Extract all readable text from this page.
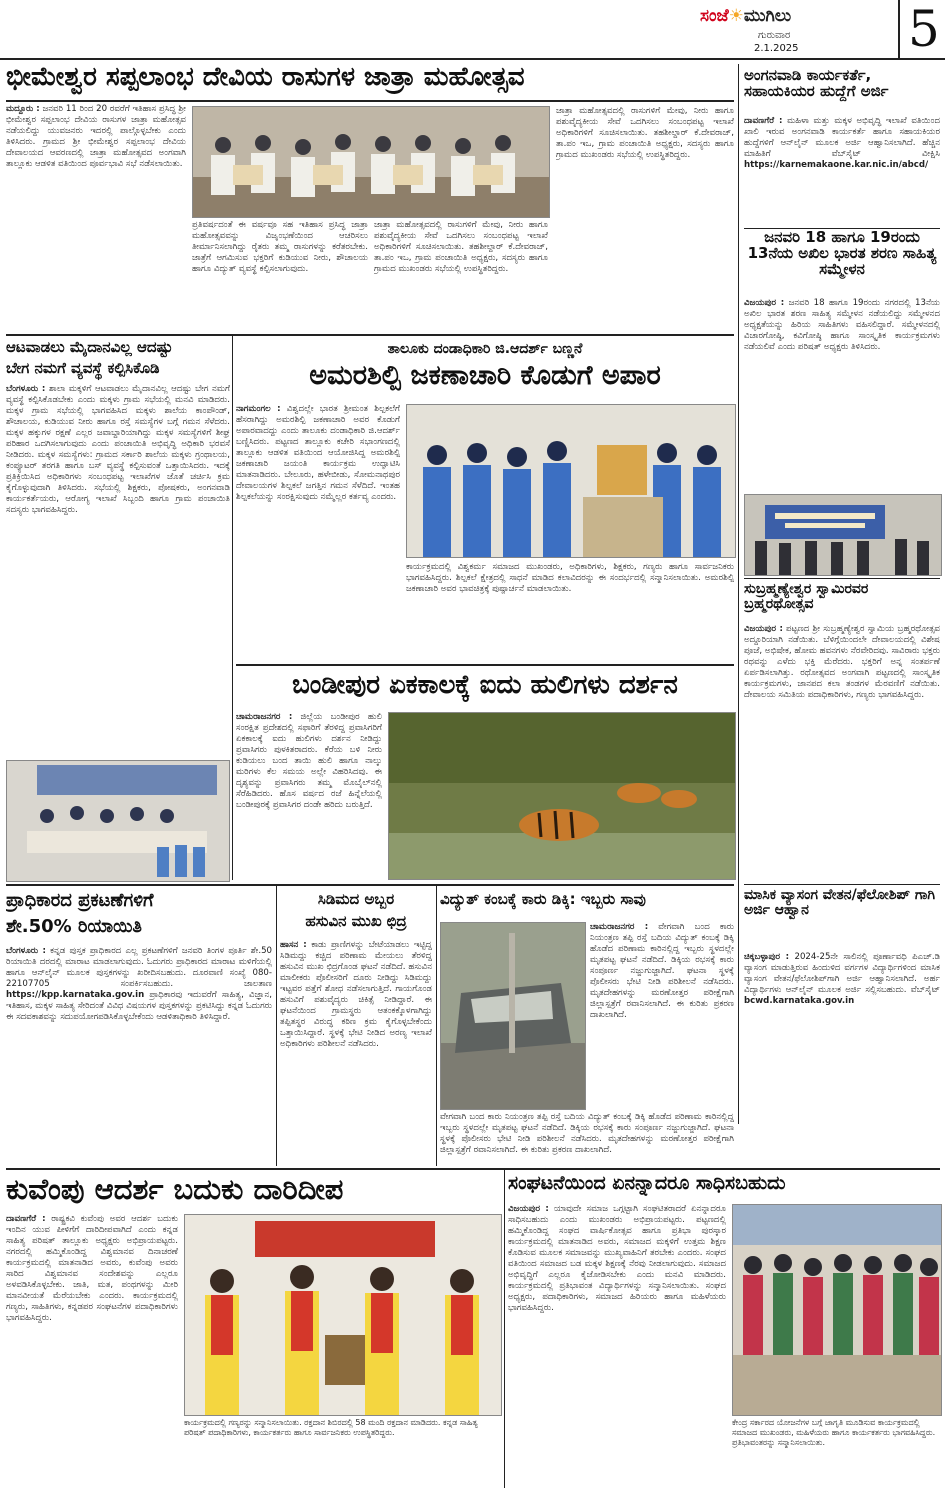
ಸಂಜೆ☀ಮುಗಿಲು
ಗುರುವಾರ
2.1.2025 5
ಭೀಮೇಶ್ವರ ಸಪ್ಪಲಾಂಭ ದೇವಿಯ ರಾಸುಗಳ ಜಾತ್ರಾ ಮಹೋತ್ಸವ
ಮದ್ದೂರು : ಜನವರಿ 11 ರಿಂದ 20 ರವರೆಗೆ ಇತಿಹಾಸ ಪ್ರಸಿದ್ಧ ಶ್ರೀ ಭೀಮೇಶ್ವರ ಸಪ್ಪಲಾಂಭ ದೇವಿಯ ರಾಸುಗಳ ಜಾತ್ರಾ ಮಹೋತ್ಸವ ನಡೆಯಲಿದ್ದು ಯುವಜನರು ಇದರಲ್ಲಿ ಪಾಲ್ಗೊಳ್ಳಬೇಕು ಎಂದು ತಿಳಿಸಿದರು. ಗ್ರಾಮದ ಶ್ರೀ ಭೀಮೇಶ್ವರ ಸಪ್ಪಲಾಂಭ ದೇವಿಯ ದೇವಾಲಯದ ಆವರಣದಲ್ಲಿ ಜಾತ್ರಾ ಮಹೋತ್ಸವದ ಅಂಗವಾಗಿ ತಾಲ್ಲೂಕು ಆಡಳಿತ ವತಿಯಿಂದ ಪೂರ್ವಭಾವಿ ಸಭೆ ನಡೆಸಲಾಯಿತು.
ಪ್ರತಿವರ್ಷದಂತೆ ಈ ವರ್ಷವೂ ಸಹ ಇತಿಹಾಸ ಪ್ರಸಿದ್ಧ ಜಾತ್ರಾ ಮಹೋತ್ಸವವನ್ನು ವಿಜೃಂಭಣೆಯಿಂದ ಆಚರಿಸಲು ತೀರ್ಮಾನಿಸಲಾಗಿದ್ದು ರೈತರು ತಮ್ಮ ರಾಸುಗಳನ್ನು ಕರೆತರಬೇಕು. ಜಾತ್ರೆಗೆ ಆಗಮಿಸುವ ಭಕ್ತರಿಗೆ ಕುಡಿಯುವ ನೀರು, ಶೌಚಾಲಯ ಹಾಗೂ ವಿದ್ಯುತ್ ವ್ಯವಸ್ಥೆ ಕಲ್ಪಿಸಲಾಗುವುದು.
ಜಾತ್ರಾ ಮಹೋತ್ಸವದಲ್ಲಿ ರಾಸುಗಳಿಗೆ ಮೇವು, ನೀರು ಹಾಗೂ ಪಶುವೈದ್ಯಕೀಯ ಸೇವೆ ಒದಗಿಸಲು ಸಂಬಂಧಪಟ್ಟ ಇಲಾಖೆ ಅಧಿಕಾರಿಗಳಿಗೆ ಸೂಚಿಸಲಾಯಿತು. ತಹಶೀಲ್ದಾರ್ ಕೆ.ದೇವರಾಜ್, ತಾ.ಪಂ ಇಒ, ಗ್ರಾಮ ಪಂಚಾಯಿತಿ ಅಧ್ಯಕ್ಷರು, ಸದಸ್ಯರು ಹಾಗೂ ಗ್ರಾಮದ ಮುಖಂಡರು ಸಭೆಯಲ್ಲಿ ಉಪಸ್ಥಿತರಿದ್ದರು.
ಜಾತ್ರಾ ಮಹೋತ್ಸವದಲ್ಲಿ ರಾಸುಗಳಿಗೆ ಮೇವು, ನೀರು ಹಾಗೂ ಪಶುವೈದ್ಯಕೀಯ ಸೇವೆ ಒದಗಿಸಲು ಸಂಬಂಧಪಟ್ಟ ಇಲಾಖೆ ಅಧಿಕಾರಿಗಳಿಗೆ ಸೂಚಿಸಲಾಯಿತು. ತಹಶೀಲ್ದಾರ್ ಕೆ.ದೇವರಾಜ್, ತಾ.ಪಂ ಇಒ, ಗ್ರಾಮ ಪಂಚಾಯಿತಿ ಅಧ್ಯಕ್ಷರು, ಸದಸ್ಯರು ಹಾಗೂ ಗ್ರಾಮದ ಮುಖಂಡರು ಸಭೆಯಲ್ಲಿ ಉಪಸ್ಥಿತರಿದ್ದರು.
ಅಂಗನವಾಡಿ ಕಾರ್ಯಕರ್ತೆ, ಸಹಾಯಕಿಯರ ಹುದ್ದೆಗೆ ಅರ್ಜಿ
ದಾವಣಗೆರೆ : ಮಹಿಳಾ ಮತ್ತು ಮಕ್ಕಳ ಅಭಿವೃದ್ಧಿ ಇಲಾಖೆ ವತಿಯಿಂದ ಖಾಲಿ ಇರುವ ಅಂಗನವಾಡಿ ಕಾರ್ಯಕರ್ತೆ ಹಾಗೂ ಸಹಾಯಕಿಯರ ಹುದ್ದೆಗಳಿಗೆ ಆನ್‌ಲೈನ್ ಮೂಲಕ ಅರ್ಜಿ ಆಹ್ವಾನಿಸಲಾಗಿದೆ. ಹೆಚ್ಚಿನ ಮಾಹಿತಿಗೆ ವೆಬ್‌ಸೈಟ್ ವೀಕ್ಷಿಸಿ https://karnemakaone.kar.nic.in/abcd/
ಜನವರಿ 18 ಹಾಗೂ 19ರಂದು 13ನೆಯ ಅಖಿಲ ಭಾರತ ಶರಣ ಸಾಹಿತ್ಯ ಸಮ್ಮೇಳನ
ವಿಜಯಪುರ : ಜನವರಿ 18 ಹಾಗೂ 19ರಂದು ನಗರದಲ್ಲಿ 13ನೆಯ ಅಖಿಲ ಭಾರತ ಶರಣ ಸಾಹಿತ್ಯ ಸಮ್ಮೇಳನ ನಡೆಯಲಿದ್ದು ಸಮ್ಮೇಳನದ ಅಧ್ಯಕ್ಷತೆಯನ್ನು ಹಿರಿಯ ಸಾಹಿತಿಗಳು ವಹಿಸಲಿದ್ದಾರೆ. ಸಮ್ಮೇಳನದಲ್ಲಿ ವಿಚಾರಗೋಷ್ಠಿ, ಕವಿಗೋಷ್ಠಿ ಹಾಗೂ ಸಾಂಸ್ಕೃತಿಕ ಕಾರ್ಯಕ್ರಮಗಳು ನಡೆಯಲಿವೆ ಎಂದು ಪರಿಷತ್ ಅಧ್ಯಕ್ಷರು ತಿಳಿಸಿದರು.
ಸುಬ್ರಹ್ಮಣ್ಯೇಶ್ವರ ಸ್ವಾಮಿರವರ ಬ್ರಹ್ಮರಥೋತ್ಸವ
ವಿಜಯಪುರ : ಪಟ್ಟಣದ ಶ್ರೀ ಸುಬ್ರಹ್ಮಣ್ಯೇಶ್ವರ ಸ್ವಾಮಿಯ ಬ್ರಹ್ಮರಥೋತ್ಸವ ಅದ್ದೂರಿಯಾಗಿ ನಡೆಯಿತು. ಬೆಳಿಗ್ಗೆಯಿಂದಲೇ ದೇವಾಲಯದಲ್ಲಿ ವಿಶೇಷ ಪೂಜೆ, ಅಭಿಷೇಕ, ಹೋಮ ಹವನಗಳು ನೆರವೇರಿದವು. ಸಾವಿರಾರು ಭಕ್ತರು ರಥವನ್ನು ಎಳೆದು ಭಕ್ತಿ ಮೆರೆದರು. ಭಕ್ತರಿಗೆ ಅನ್ನ ಸಂತರ್ಪಣೆ ಏರ್ಪಡಿಸಲಾಗಿತ್ತು. ರಥೋತ್ಸವದ ಅಂಗವಾಗಿ ಪಟ್ಟಣದಲ್ಲಿ ಸಾಂಸ್ಕೃತಿಕ ಕಾರ್ಯಕ್ರಮಗಳು, ಜಾನಪದ ಕಲಾ ತಂಡಗಳ ಮೆರವಣಿಗೆ ನಡೆಯಿತು. ದೇವಾಲಯ ಸಮಿತಿಯ ಪದಾಧಿಕಾರಿಗಳು, ಗಣ್ಯರು ಭಾಗವಹಿಸಿದ್ದರು.
ಮಾಸಿಕ ವ್ಯಾಸಂಗ ವೇತನ/ಫೆಲೋಶಿಪ್ ಗಾಗಿ ಅರ್ಜಿ ಆಹ್ವಾನ
ಚಿಕ್ಕಬಳ್ಳಾಪುರ : 2024-25ನೇ ಸಾಲಿನಲ್ಲಿ ಪೂರ್ಣಾವಧಿ ಪಿಎಚ್.ಡಿ ವ್ಯಾಸಂಗ ಮಾಡುತ್ತಿರುವ ಹಿಂದುಳಿದ ವರ್ಗಗಳ ವಿದ್ಯಾರ್ಥಿಗಳಿಂದ ಮಾಸಿಕ ವ್ಯಾಸಂಗ ವೇತನ/ಫೆಲೋಶಿಪ್‌ಗಾಗಿ ಅರ್ಜಿ ಆಹ್ವಾನಿಸಲಾಗಿದೆ. ಅರ್ಹ ವಿದ್ಯಾರ್ಥಿಗಳು ಆನ್‌ಲೈನ್ ಮೂಲಕ ಅರ್ಜಿ ಸಲ್ಲಿಸಬಹುದು. ವೆಬ್‌ಸೈಟ್ bcwd.karnataka.gov.in
ಆಟವಾಡಲು ಮೈದಾನವಿಲ್ಲ ಆದಷ್ಟು
ಬೇಗ ನಮಗೆ ವ್ಯವಸ್ಥೆ ಕಲ್ಪಿಸಿಕೊಡಿ
ಬೆಂಗಳೂರು : ಶಾಲಾ ಮಕ್ಕಳಿಗೆ ಆಟವಾಡಲು ಮೈದಾನವಿಲ್ಲ ಆದಷ್ಟು ಬೇಗ ನಮಗೆ ವ್ಯವಸ್ಥೆ ಕಲ್ಪಿಸಿಕೊಡಬೇಕು ಎಂದು ಮಕ್ಕಳು ಗ್ರಾಮ ಸಭೆಯಲ್ಲಿ ಮನವಿ ಮಾಡಿದರು. ಮಕ್ಕಳ ಗ್ರಾಮ ಸಭೆಯಲ್ಲಿ ಭಾಗವಹಿಸಿದ ಮಕ್ಕಳು ಶಾಲೆಯ ಕಾಂಪೌಂಡ್, ಶೌಚಾಲಯ, ಕುಡಿಯುವ ನೀರು ಹಾಗೂ ರಸ್ತೆ ಸಮಸ್ಯೆಗಳ ಬಗ್ಗೆ ಗಮನ ಸೆಳೆದರು. ಮಕ್ಕಳ ಹಕ್ಕುಗಳ ರಕ್ಷಣೆ ಎಲ್ಲರ ಜವಾಬ್ದಾರಿಯಾಗಿದ್ದು ಮಕ್ಕಳ ಸಮಸ್ಯೆಗಳಿಗೆ ಶೀಘ್ರ ಪರಿಹಾರ ಒದಗಿಸಲಾಗುವುದು ಎಂದು ಪಂಚಾಯಿತಿ ಅಭಿವೃದ್ಧಿ ಅಧಿಕಾರಿ ಭರವಸೆ ನೀಡಿದರು. ಮಕ್ಕಳ ಸಮಸ್ಯೆಗಳು: ಗ್ರಾಮದ ಸರ್ಕಾರಿ ಶಾಲೆಯ ಮಕ್ಕಳು ಗ್ರಂಥಾಲಯ, ಕಂಪ್ಯೂಟರ್ ತರಗತಿ ಹಾಗೂ ಬಸ್ ವ್ಯವಸ್ಥೆ ಕಲ್ಪಿಸುವಂತೆ ಒತ್ತಾಯಿಸಿದರು. ಇದಕ್ಕೆ ಪ್ರತಿಕ್ರಿಯಿಸಿದ ಅಧಿಕಾರಿಗಳು ಸಂಬಂಧಪಟ್ಟ ಇಲಾಖೆಗಳ ಜೊತೆ ಚರ್ಚಿಸಿ ಕ್ರಮ ಕೈಗೊಳ್ಳುವುದಾಗಿ ತಿಳಿಸಿದರು. ಸಭೆಯಲ್ಲಿ ಶಿಕ್ಷಕರು, ಪೋಷಕರು, ಅಂಗನವಾಡಿ ಕಾರ್ಯಕರ್ತೆಯರು, ಆರೋಗ್ಯ ಇಲಾಖೆ ಸಿಬ್ಬಂದಿ ಹಾಗೂ ಗ್ರಾಮ ಪಂಚಾಯಿತಿ ಸದಸ್ಯರು ಭಾಗವಹಿಸಿದ್ದರು.
ತಾಲೂಕು ದಂಡಾಧಿಕಾರಿ ಜಿ.ಆದರ್ಶ್ ಬಣ್ಣನೆ
ಅಮರಶಿಲ್ಪಿ ಜಕಣಾಚಾರಿ ಕೊಡುಗೆ ಅಪಾರ
ನಾಗಮಂಗಲ : ವಿಶ್ವದಲ್ಲೇ ಭಾರತ ಶ್ರೀಮಂತ ಶಿಲ್ಪಕಲೆಗೆ ಹೆಸರಾಗಿದ್ದು ಅಮರಶಿಲ್ಪಿ ಜಕಣಾಚಾರಿ ಅವರ ಕೊಡುಗೆ ಅಪಾರವಾದದ್ದು ಎಂದು ತಾಲೂಕು ದಂಡಾಧಿಕಾರಿ ಜಿ.ಆದರ್ಶ್ ಬಣ್ಣಿಸಿದರು. ಪಟ್ಟಣದ ತಾಲ್ಲೂಕು ಕಚೇರಿ ಸಭಾಂಗಣದಲ್ಲಿ ತಾಲ್ಲೂಕು ಆಡಳಿತ ವತಿಯಿಂದ ಆಯೋಜಿಸಿದ್ದ ಅಮರಶಿಲ್ಪಿ ಜಕಣಾಚಾರಿ ಜಯಂತಿ ಕಾರ್ಯಕ್ರಮ ಉದ್ಘಾಟಿಸಿ ಮಾತನಾಡಿದರು. ಬೇಲೂರು, ಹಳೇಬೀಡು, ಸೋಮನಾಥಪುರ ದೇವಾಲಯಗಳ ಶಿಲ್ಪಕಲೆ ಜಗತ್ತಿನ ಗಮನ ಸೆಳೆದಿದೆ. ಇಂತಹ ಶಿಲ್ಪಕಲೆಯನ್ನು ಸಂರಕ್ಷಿಸುವುದು ನಮ್ಮೆಲ್ಲರ ಕರ್ತವ್ಯ ಎಂದರು.
ಕಾರ್ಯಕ್ರಮದಲ್ಲಿ ವಿಶ್ವಕರ್ಮ ಸಮಾಜದ ಮುಖಂಡರು, ಅಧಿಕಾರಿಗಳು, ಶಿಕ್ಷಕರು, ಗಣ್ಯರು ಹಾಗೂ ಸಾರ್ವಜನಿಕರು ಭಾಗವಹಿಸಿದ್ದರು. ಶಿಲ್ಪಕಲೆ ಕ್ಷೇತ್ರದಲ್ಲಿ ಸಾಧನೆ ಮಾಡಿದ ಕಲಾವಿದರನ್ನು ಈ ಸಂದರ್ಭದಲ್ಲಿ ಸನ್ಮಾನಿಸಲಾಯಿತು. ಅಮರಶಿಲ್ಪಿ ಜಕಣಾಚಾರಿ ಅವರ ಭಾವಚಿತ್ರಕ್ಕೆ ಪುಷ್ಪಾರ್ಚನೆ ಮಾಡಲಾಯಿತು.
ಬಂಡೀಪುರ ಏಕಕಾಲಕ್ಕೆ ಐದು ಹುಲಿಗಳು ದರ್ಶನ
ಚಾಮರಾಜನಗರ : ಜಿಲ್ಲೆಯ ಬಂಡೀಪುರ ಹುಲಿ ಸಂರಕ್ಷಿತ ಪ್ರದೇಶದಲ್ಲಿ ಸಫಾರಿಗೆ ತೆರಳಿದ್ದ ಪ್ರವಾಸಿಗರಿಗೆ ಏಕಕಾಲಕ್ಕೆ ಐದು ಹುಲಿಗಳು ದರ್ಶನ ನೀಡಿದ್ದು ಪ್ರವಾಸಿಗರು ಪುಳಕಿತರಾದರು. ಕೆರೆಯ ಬಳಿ ನೀರು ಕುಡಿಯಲು ಬಂದ ತಾಯಿ ಹುಲಿ ಹಾಗೂ ನಾಲ್ಕು ಮರಿಗಳು ಕೆಲ ಸಮಯ ಅಲ್ಲೇ ವಿಹರಿಸಿದವು. ಈ ದೃಶ್ಯವನ್ನು ಪ್ರವಾಸಿಗರು ತಮ್ಮ ಮೊಬೈಲ್‌ನಲ್ಲಿ ಸೆರೆಹಿಡಿದರು. ಹೊಸ ವರ್ಷದ ರಜೆ ಹಿನ್ನೆಲೆಯಲ್ಲಿ ಬಂಡೀಪುರಕ್ಕೆ ಪ್ರವಾಸಿಗರ ದಂಡೇ ಹರಿದು ಬರುತ್ತಿದೆ.
ಪ್ರಾಧಿಕಾರದ ಪ್ರಕಟಣೆಗಳಿಗೆ
ಶೇ.50% ರಿಯಾಯಿತಿ
ಬೆಂಗಳೂರು : ಕನ್ನಡ ಪುಸ್ತಕ ಪ್ರಾಧಿಕಾರದ ಎಲ್ಲ ಪ್ರಕಟಣೆಗಳಿಗೆ ಜನವರಿ ತಿಂಗಳ ಪೂರ್ತಿ ಶೇ.50 ರಿಯಾಯಿತಿ ದರದಲ್ಲಿ ಮಾರಾಟ ಮಾಡಲಾಗುವುದು. ಓದುಗರು ಪ್ರಾಧಿಕಾರದ ಮಾರಾಟ ಮಳಿಗೆಯಲ್ಲಿ ಹಾಗೂ ಆನ್‌ಲೈನ್ ಮೂಲಕ ಪುಸ್ತಕಗಳನ್ನು ಖರೀದಿಸಬಹುದು. ದೂರವಾಣಿ ಸಂಖ್ಯೆ 080-22107705 ಸಂಪರ್ಕಿಸಬಹುದು. ಜಾಲತಾಣ https://kpp.karnataka.gov.in ಪ್ರಾಧಿಕಾರವು ಇದುವರೆಗೆ ಸಾಹಿತ್ಯ, ವಿಜ್ಞಾನ, ಇತಿಹಾಸ, ಮಕ್ಕಳ ಸಾಹಿತ್ಯ ಸೇರಿದಂತೆ ವಿವಿಧ ವಿಷಯಗಳ ಪುಸ್ತಕಗಳನ್ನು ಪ್ರಕಟಿಸಿದ್ದು ಕನ್ನಡ ಓದುಗರು ಈ ಸದವಕಾಶವನ್ನು ಸದುಪಯೋಗಪಡಿಸಿಕೊಳ್ಳಬೇಕೆಂದು ಆಡಳಿತಾಧಿಕಾರಿ ತಿಳಿಸಿದ್ದಾರೆ.
ಸಿಡಿಮದ ಅಬ್ಬರ
ಹಸುವಿನ ಮುಖ ಛಿದ್ರ
ಹಾಸನ : ಕಾಡು ಪ್ರಾಣಿಗಳನ್ನು ಬೇಟೆಯಾಡಲು ಇಟ್ಟಿದ್ದ ಸಿಡಿಮದ್ದು ಕಚ್ಚಿದ ಪರಿಣಾಮ ಮೇಯಲು ತೆರಳಿದ್ದ ಹಸುವಿನ ಮುಖ ಛಿದ್ರಗೊಂಡ ಘಟನೆ ನಡೆದಿದೆ. ಹಸುವಿನ ಮಾಲೀಕರು ಪೊಲೀಸರಿಗೆ ದೂರು ನೀಡಿದ್ದು ಸಿಡಿಮದ್ದು ಇಟ್ಟವರ ಪತ್ತೆಗೆ ಶೋಧ ನಡೆಸಲಾಗುತ್ತಿದೆ. ಗಾಯಗೊಂಡ ಹಸುವಿಗೆ ಪಶುವೈದ್ಯರು ಚಿಕಿತ್ಸೆ ನೀಡಿದ್ದಾರೆ. ಈ ಘಟನೆಯಿಂದ ಗ್ರಾಮಸ್ಥರು ಆತಂಕಕ್ಕೊಳಗಾಗಿದ್ದು ತಪ್ಪಿತಸ್ಥರ ವಿರುದ್ಧ ಕಠಿಣ ಕ್ರಮ ಕೈಗೊಳ್ಳಬೇಕೆಂದು ಒತ್ತಾಯಿಸಿದ್ದಾರೆ. ಸ್ಥಳಕ್ಕೆ ಭೇಟಿ ನೀಡಿದ ಅರಣ್ಯ ಇಲಾಖೆ ಅಧಿಕಾರಿಗಳು ಪರಿಶೀಲನೆ ನಡೆಸಿದರು.
ವಿದ್ಯುತ್ ಕಂಬಕ್ಕೆ ಕಾರು ಡಿಕ್ಕಿ: ಇಬ್ಬರು ಸಾವು
ಚಾಮರಾಜನಗರ : ವೇಗವಾಗಿ ಬಂದ ಕಾರು ನಿಯಂತ್ರಣ ತಪ್ಪಿ ರಸ್ತೆ ಬದಿಯ ವಿದ್ಯುತ್ ಕಂಬಕ್ಕೆ ಡಿಕ್ಕಿ ಹೊಡೆದ ಪರಿಣಾಮ ಕಾರಿನಲ್ಲಿದ್ದ ಇಬ್ಬರು ಸ್ಥಳದಲ್ಲೇ ಮೃತಪಟ್ಟ ಘಟನೆ ನಡೆದಿದೆ. ಡಿಕ್ಕಿಯ ರಭಸಕ್ಕೆ ಕಾರು ಸಂಪೂರ್ಣ ನಜ್ಜುಗುಜ್ಜಾಗಿದೆ. ಘಟನಾ ಸ್ಥಳಕ್ಕೆ ಪೊಲೀಸರು ಭೇಟಿ ನೀಡಿ ಪರಿಶೀಲನೆ ನಡೆಸಿದರು. ಮೃತದೇಹಗಳನ್ನು ಮರಣೋತ್ತರ ಪರೀಕ್ಷೆಗಾಗಿ ಜಿಲ್ಲಾಸ್ಪತ್ರೆಗೆ ರವಾನಿಸಲಾಗಿದೆ. ಈ ಕುರಿತು ಪ್ರಕರಣ ದಾಖಲಾಗಿದೆ.
ವೇಗವಾಗಿ ಬಂದ ಕಾರು ನಿಯಂತ್ರಣ ತಪ್ಪಿ ರಸ್ತೆ ಬದಿಯ ವಿದ್ಯುತ್ ಕಂಬಕ್ಕೆ ಡಿಕ್ಕಿ ಹೊಡೆದ ಪರಿಣಾಮ ಕಾರಿನಲ್ಲಿದ್ದ ಇಬ್ಬರು ಸ್ಥಳದಲ್ಲೇ ಮೃತಪಟ್ಟ ಘಟನೆ ನಡೆದಿದೆ. ಡಿಕ್ಕಿಯ ರಭಸಕ್ಕೆ ಕಾರು ಸಂಪೂರ್ಣ ನಜ್ಜುಗುಜ್ಜಾಗಿದೆ. ಘಟನಾ ಸ್ಥಳಕ್ಕೆ ಪೊಲೀಸರು ಭೇಟಿ ನೀಡಿ ಪರಿಶೀಲನೆ ನಡೆಸಿದರು. ಮೃತದೇಹಗಳನ್ನು ಮರಣೋತ್ತರ ಪರೀಕ್ಷೆಗಾಗಿ ಜಿಲ್ಲಾಸ್ಪತ್ರೆಗೆ ರವಾನಿಸಲಾಗಿದೆ. ಈ ಕುರಿತು ಪ್ರಕರಣ ದಾಖಲಾಗಿದೆ.
ಕುವೆಂಪು ಆದರ್ಶ ಬದುಕು ದಾರಿದೀಪ
ದಾವಣಗೆರೆ : ರಾಷ್ಟ್ರಕವಿ ಕುವೆಂಪು ಅವರ ಆದರ್ಶ ಬದುಕು ಇಂದಿನ ಯುವ ಪೀಳಿಗೆಗೆ ದಾರಿದೀಪವಾಗಿದೆ ಎಂದು ಕನ್ನಡ ಸಾಹಿತ್ಯ ಪರಿಷತ್ ತಾಲ್ಲೂಕು ಅಧ್ಯಕ್ಷರು ಅಭಿಪ್ರಾಯಪಟ್ಟರು. ನಗರದಲ್ಲಿ ಹಮ್ಮಿಕೊಂಡಿದ್ದ ವಿಶ್ವಮಾನವ ದಿನಾಚರಣೆ ಕಾರ್ಯಕ್ರಮದಲ್ಲಿ ಮಾತನಾಡಿದ ಅವರು, ಕುವೆಂಪು ಅವರು ಸಾರಿದ ವಿಶ್ವಮಾನವ ಸಂದೇಶವನ್ನು ಎಲ್ಲರೂ ಅಳವಡಿಸಿಕೊಳ್ಳಬೇಕು. ಜಾತಿ, ಮತ, ಪಂಥಗಳನ್ನು ಮೀರಿ ಮಾನವೀಯತೆ ಮೆರೆಯಬೇಕು ಎಂದರು. ಕಾರ್ಯಕ್ರಮದಲ್ಲಿ ಗಣ್ಯರು, ಸಾಹಿತಿಗಳು, ಕನ್ನಡಪರ ಸಂಘಟನೆಗಳ ಪದಾಧಿಕಾರಿಗಳು ಭಾಗವಹಿಸಿದ್ದರು.
ಕಾರ್ಯಕ್ರಮದಲ್ಲಿ ಗಣ್ಯರನ್ನು ಸನ್ಮಾನಿಸಲಾಯಿತು. ರಕ್ತದಾನ ಶಿಬಿರದಲ್ಲಿ 58 ಮಂದಿ ರಕ್ತದಾನ ಮಾಡಿದರು. ಕನ್ನಡ ಸಾಹಿತ್ಯ ಪರಿಷತ್ ಪದಾಧಿಕಾರಿಗಳು, ಕಾರ್ಯಕರ್ತರು ಹಾಗೂ ಸಾರ್ವಜನಿಕರು ಉಪಸ್ಥಿತರಿದ್ದರು.
ಸಂಘಟನೆಯಿಂದ ಏನನ್ನಾದರೂ ಸಾಧಿಸಬಹುದು
ವಿಜಯಪುರ : ಯಾವುದೇ ಸಮಾಜ ಒಗ್ಗಟ್ಟಾಗಿ ಸಂಘಟಿತರಾದರೆ ಏನನ್ನಾದರೂ ಸಾಧಿಸಬಹುದು ಎಂದು ಮುಖಂಡರು ಅಭಿಪ್ರಾಯಪಟ್ಟರು. ಪಟ್ಟಣದಲ್ಲಿ ಹಮ್ಮಿಕೊಂಡಿದ್ದ ಸಂಘದ ವಾರ್ಷಿಕೋತ್ಸವ ಹಾಗೂ ಪ್ರತಿಭಾ ಪುರಸ್ಕಾರ ಕಾರ್ಯಕ್ರಮದಲ್ಲಿ ಮಾತನಾಡಿದ ಅವರು, ಸಮಾಜದ ಮಕ್ಕಳಿಗೆ ಉತ್ತಮ ಶಿಕ್ಷಣ ಕೊಡಿಸುವ ಮೂಲಕ ಸಮಾಜವನ್ನು ಮುಖ್ಯವಾಹಿನಿಗೆ ತರಬೇಕು ಎಂದರು. ಸಂಘದ ವತಿಯಿಂದ ಸಮಾಜದ ಬಡ ಮಕ್ಕಳ ಶಿಕ್ಷಣಕ್ಕೆ ನೆರವು ನೀಡಲಾಗುವುದು. ಸಮಾಜದ ಅಭಿವೃದ್ಧಿಗೆ ಎಲ್ಲರೂ ಕೈಜೋಡಿಸಬೇಕು ಎಂದು ಮನವಿ ಮಾಡಿದರು. ಕಾರ್ಯಕ್ರಮದಲ್ಲಿ ಪ್ರತಿಭಾವಂತ ವಿದ್ಯಾರ್ಥಿಗಳನ್ನು ಸನ್ಮಾನಿಸಲಾಯಿತು. ಸಂಘದ ಅಧ್ಯಕ್ಷರು, ಪದಾಧಿಕಾರಿಗಳು, ಸಮಾಜದ ಹಿರಿಯರು ಹಾಗೂ ಮಹಿಳೆಯರು ಭಾಗವಹಿಸಿದ್ದರು.
ಕೇಂದ್ರ ಸರ್ಕಾರದ ಯೋಜನೆಗಳ ಬಗ್ಗೆ ಜಾಗೃತಿ ಮೂಡಿಸುವ ಕಾರ್ಯಕ್ರಮದಲ್ಲಿ ಸಮಾಜದ ಮುಖಂಡರು, ಮಹಿಳೆಯರು ಹಾಗೂ ಕಾರ್ಯಕರ್ತರು ಭಾಗವಹಿಸಿದ್ದರು. ಪ್ರತಿಭಾವಂತರನ್ನು ಸನ್ಮಾನಿಸಲಾಯಿತು.
